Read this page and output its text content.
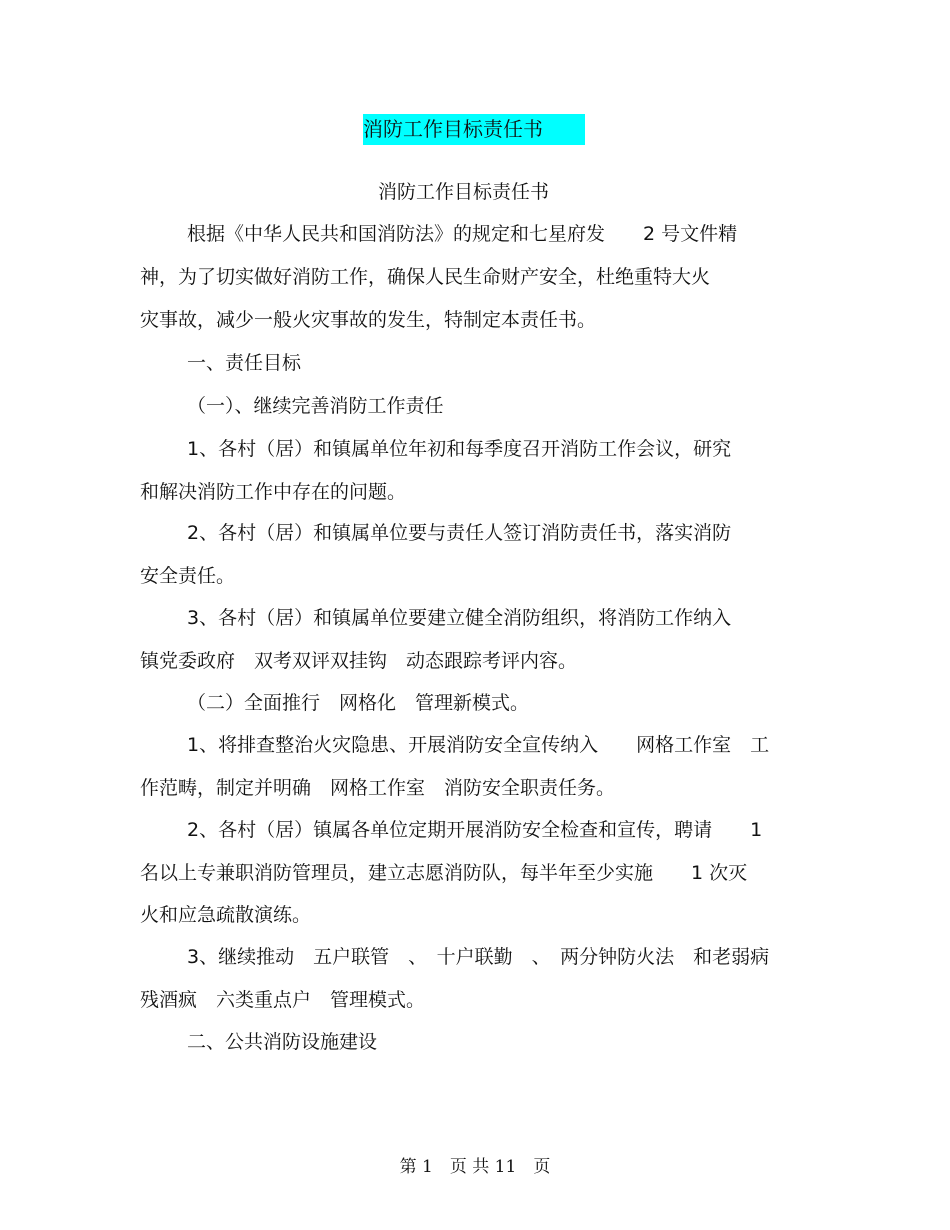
消防工作目标责任书
消防工作目标责任书
根据《中华人民共和国消防法》的规定和七星府发　　2 号文件精
神，为了切实做好消防工作，确保人民生命财产安全，杜绝重特大火
灾事故，减少一般火灾事故的发生，特制定本责任书。
一、责任目标
（一）、继续完善消防工作责任
1、各村（居）和镇属单位年初和每季度召开消防工作会议，研究
和解决消防工作中存在的问题。
2、各村（居）和镇属单位要与责任人签订消防责任书，落实消防
安全责任。
3、各村（居）和镇属单位要建立健全消防组织，将消防工作纳入
镇党委政府　双考双评双挂钩　动态跟踪考评内容。
（二）全面推行　网格化　管理新模式。
1、将排查整治火灾隐患、开展消防安全宣传纳入　　网格工作室　工
作范畴，制定并明确　网格工作室　消防安全职责任务。
2、各村（居）镇属各单位定期开展消防安全检查和宣传，聘请　　1
名以上专兼职消防管理员，建立志愿消防队，每半年至少实施　　1 次灭
火和应急疏散演练。
3、继续推动　五户联管　、　十户联勤　、　两分钟防火法　和老弱病
残酒疯　六类重点户　管理模式。
二、公共消防设施建设
第 1　页 共 11　页
